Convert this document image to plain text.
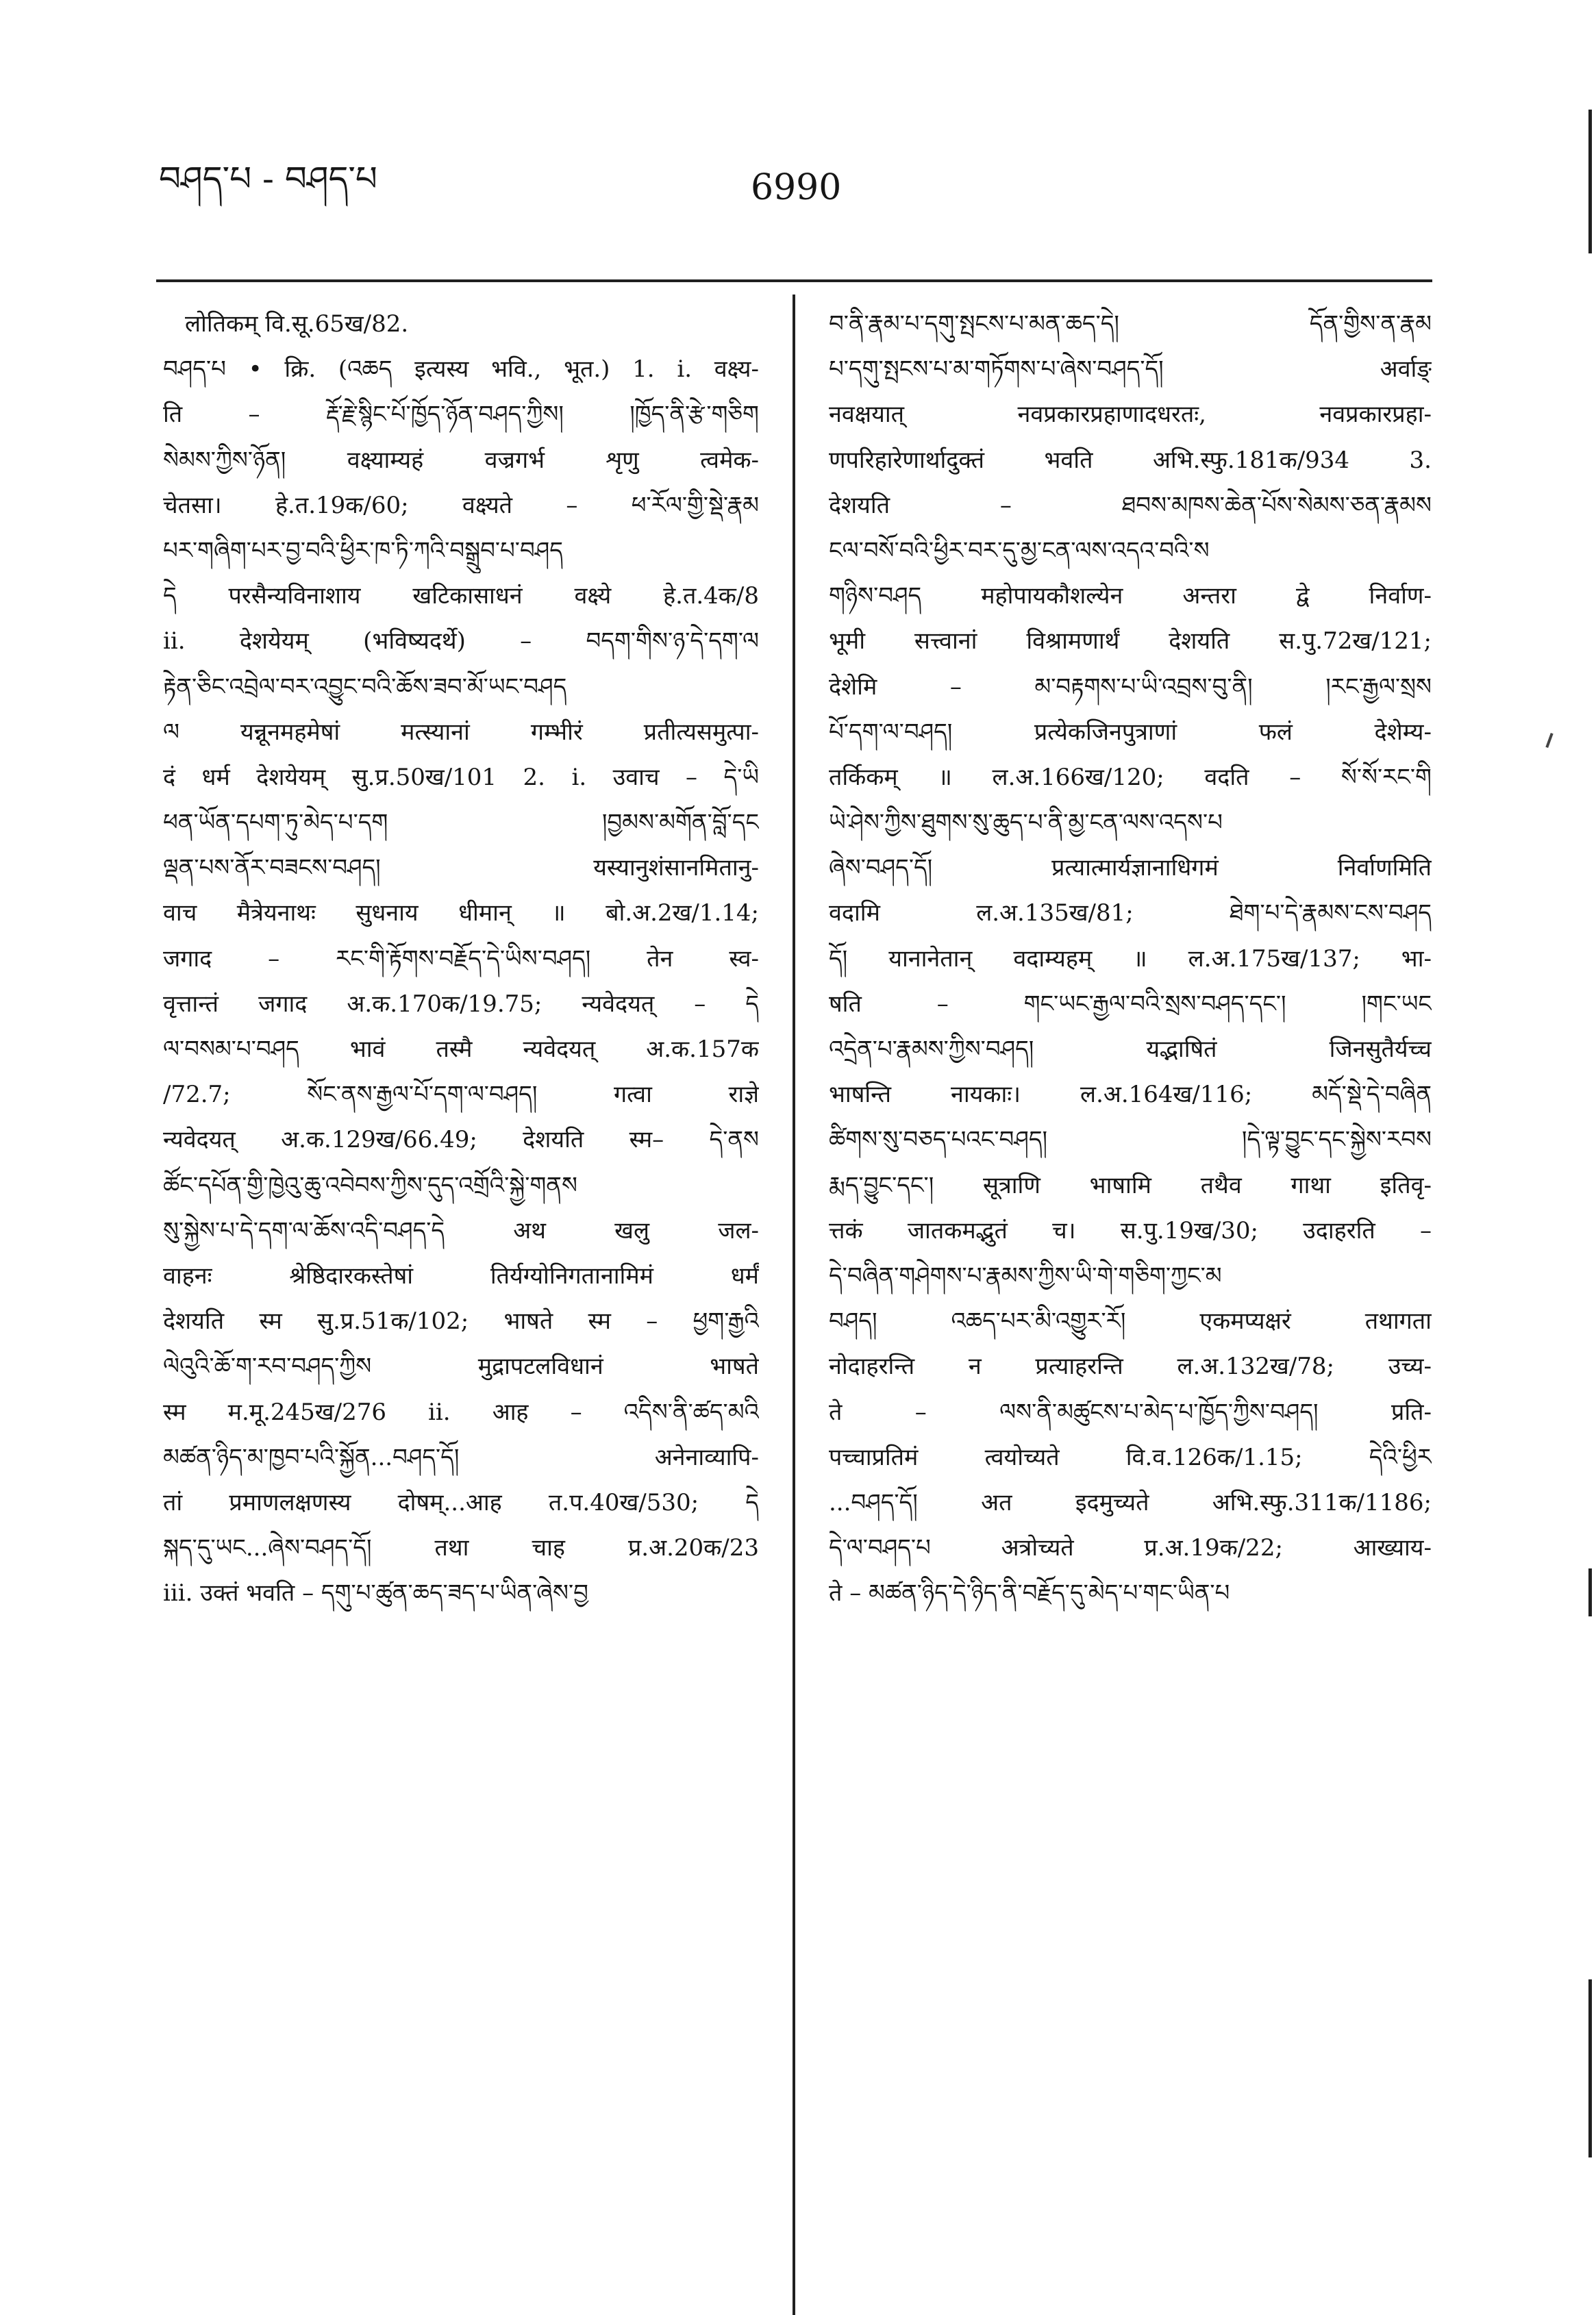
བཤད་པ - བཤད་པ	6990
लोतिकम् वि.सू.65ख/82.
བཤད་པ • क्रि. (འཆད इत्यस्य भवि., भूत.) 1. i. वक्ष्य-
ति – རྡོ་རྗེ་སྙིང་པོ་ཁྱོད་ཉོན་བཤད་ཀྱིས། །ཁྱོད་ནི་རྩེ་གཅིག
སེམས་ཀྱིས་ཉོན། वक्ष्याम्यहं वज्रगर्भ शृणु त्वमेक-
चेतसा। हे.त.19क/60; वक्ष्यते – ཕ་རོལ་གྱི་སྡེ་རྣམ
པར་གཞིག་པར་བྱ་བའི་ཕྱིར་ཁ་ཏི་ཀའི་བསྒྲུབ་པ་བཤད
དེ परसैन्यविनाशाय खटिकासाधनं वक्ष्ये हे.त.4क/8
ii. देशयेयम् (भविष्यदर्थे) – བདག་གིས་ཉ་དེ་དག་ལ
རྟེན་ཅིང་འབྲེལ་བར་འབྱུང་བའི་ཆོས་ཟབ་མོ་ཡང་བཤད
ལ यन्नूनमहमेषां मत्स्यानां गम्भीरं प्रतीत्यसमुत्पा-
दं धर्म देशयेयम् सु.प्र.50ख/101 2. i. उवाच – དེ་ཡི
ཕན་ཡོན་དཔག་ཏུ་མེད་པ་དག །བྱམས་མགོན་བློ་དང
ལྡན་པས་ནོར་བཟངས་བཤད། यस्यानुशंसानमितानु-
वाच मैत्रेयनाथः सुधनाय धीमान् ॥ बो.अ.2ख/1.14;
जगाद – རང་གི་རྟོགས་བརྗོད་དེ་ཡིས་བཤད། तेन स्व-
वृत्तान्तं जगाद अ.क.170क/19.75; न्यवेदयत् – དེ
ལ་བསམ་པ་བཤད भावं तस्मै न्यवेदयत् अ.क.157क
/72.7; སོང་ནས་རྒྱལ་པོ་དག་ལ་བཤད། गत्वा राज्ञे
न्यवेदयत् अ.क.129ख/66.49; देशयति स्म– དེ་ནས
ཚོང་དཔོན་གྱི་ཁྱེའུ་ཆུ་འབེབས་ཀྱིས་དུད་འགྲོའི་སྐྱེ་གནས
སུ་སྐྱེས་པ་དེ་དག་ལ་ཆོས་འདི་བཤད་དེ अथ खलु जल-
वाहनः श्रेष्ठिदारकस्तेषां तिर्यग्योनिगतानामिमं धर्मं
देशयति स्म सु.प्र.51क/102; भाषते स्म – ཕྱག་རྒྱའི
ལེའུའི་ཆོ་ག་རབ་བཤད་ཀྱིས मुद्रापटलविधानं भाषते
स्म म.मू.245ख/276 ii. आह – འདིས་ནི་ཚད་མའི
མཚན་ཉིད་མ་ཁྱབ་པའི་སྐྱོན...བཤད་དོ། अनेनाव्यापि-
तां प्रमाणलक्षणस्य दोषम्...आह त.प.40ख/530; དེ
སྐད་དུ་ཡང...ཞེས་བཤད་དོ། तथा चाह प्र.अ.20क/23
iii. उक्तं भवति – དགུ་པ་ཚུན་ཆད་ཟད་པ་ཡིན་ཞེས་བྱ
བ་ནི་རྣམ་པ་དགུ་སྤངས་པ་མན་ཆད་དེ། དོན་གྱིས་ན་རྣམ
པ་དགུ་སྤངས་པ་མ་གཏོགས་པ་ཞེས་བཤད་དོ། अर्वाङ्
नवक्षयात् नवप्रकारप्रहाणादधरतः, नवप्रकारप्रहा-
णपरिहारेणार्थादुक्तं भवति अभि.स्फु.181क/934 3.
देशयति – ཐབས་མཁས་ཆེན་པོས་སེམས་ཅན་རྣམས
ངལ་བསོ་བའི་ཕྱིར་བར་དུ་མྱ་ངན་ལས་འདའ་བའི་ས
གཉིས་བཤད महोपायकौशल्येन अन्तरा द्वे निर्वाण-
भूमी सत्त्वानां विश्रामणार्थं देशयति स.पु.72ख/121;
देशेमि – མ་བརྟགས་པ་ཡི་འབྲས་བུ་ནི། །རང་རྒྱལ་སྲས
པོ་དག་ལ་བཤད། प्रत्येकजिनपुत्राणां फलं देशेम्य-
तर्किकम् ॥ ल.अ.166ख/120; वदति – སོ་སོ་རང་གི
ཡེ་ཤེས་ཀྱིས་ཐུགས་སུ་ཆུད་པ་ནི་མྱ་ངན་ལས་འདས་པ
ཞེས་བཤད་དོ། प्रत्यात्मार्यज्ञानाधिगमं निर्वाणमिति
वदामि ल.अ.135ख/81; ཐེག་པ་དེ་རྣམས་ངས་བཤད
དོ། यानानेतान् वदाम्यहम् ॥ ल.अ.175ख/137; भा-
षति – གང་ཡང་རྒྱལ་བའི་སྲས་བཤད་དང་། །གང་ཡང
འདྲེན་པ་རྣམས་ཀྱིས་བཤད། यद्भाषितं जिनसुतैर्यच्च
भाषन्ति नायकाः। ल.अ.164ख/116; མདོ་སྡེ་དེ་བཞིན
ཚིགས་སུ་བཅད་པའང་བཤད། །དེ་ལྟ་བྱུང་དང་སྐྱེས་རབས
རྨད་བྱུང་དང་། सूत्राणि भाषामि तथैव गाथा इतिवृ-
त्तकं जातकमद्भुतं च। स.पु.19ख/30; उदाहरति –
དེ་བཞིན་གཤེགས་པ་རྣམས་ཀྱིས་ཡི་གེ་གཅིག་ཀྱང་མ
བཤད། འཆད་པར་མི་འགྱུར་རོ། एकमप्यक्षरं तथागता
नोदाहरन्ति न प्रत्याहरन्ति ल.अ.132ख/78; उच्य-
ते – ལས་ནི་མཚུངས་པ་མེད་པ་ཁྱོད་ཀྱིས་བཤད། प्रति-
पच्चाप्रतिमं त्वयोच्यते वि.व.126क/1.15; དེའི་ཕྱིར
...བཤད་དོ། अत इदमुच्यते अभि.स्फु.311क/1186;
དེ་ལ་བཤད་པ अत्रोच्यते प्र.अ.19क/22; आख्याय-
ते – མཚན་ཉིད་དེ་ཉིད་ནི་བརྗོད་དུ་མེད་པ་གང་ཡིན་པ
